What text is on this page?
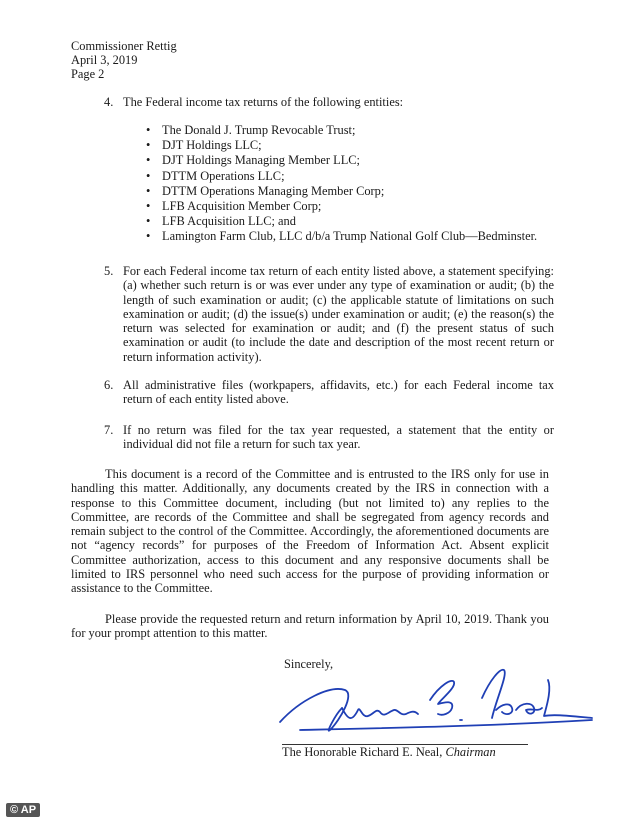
Commissioner Rettig
April 3, 2019
Page 2
4. The Federal income tax returns of the following entities:
• The Donald J. Trump Revocable Trust;
• DJT Holdings LLC;
• DJT Holdings Managing Member LLC;
• DTTM Operations LLC;
• DTTM Operations Managing Member Corp;
• LFB Acquisition Member Corp;
• LFB Acquisition LLC; and
• Lamington Farm Club, LLC d/b/a Trump National Golf Club—Bedminster.
5. For each Federal income tax return of each entity listed above, a statement specifying: (a) whether such return is or was ever under any type of examination or audit; (b) the length of such examination or audit; (c) the applicable statute of limitations on such examination or audit; (d) the issue(s) under examination or audit; (e) the reason(s) the return was selected for examination or audit; and (f) the present status of such examination or audit (to include the date and description of the most recent return or return information activity).
6. All administrative files (workpapers, affidavits, etc.) for each Federal income tax return of each entity listed above.
7. If no return was filed for the tax year requested, a statement that the entity or individual did not file a return for such tax year.
This document is a record of the Committee and is entrusted to the IRS only for use in handling this matter. Additionally, any documents created by the IRS in connection with a response to this Committee document, including (but not limited to) any replies to the Committee, are records of the Committee and shall be segregated from agency records and remain subject to the control of the Committee. Accordingly, the aforementioned documents are not “agency records” for purposes of the Freedom of Information Act. Absent explicit Committee authorization, access to this document and any responsive documents shall be limited to IRS personnel who need such access for the purpose of providing information or assistance to the Committee.
Please provide the requested return and return information by April 10, 2019. Thank you for your prompt attention to this matter.
Sincerely,
The Honorable Richard E. Neal, Chairman
© AP
